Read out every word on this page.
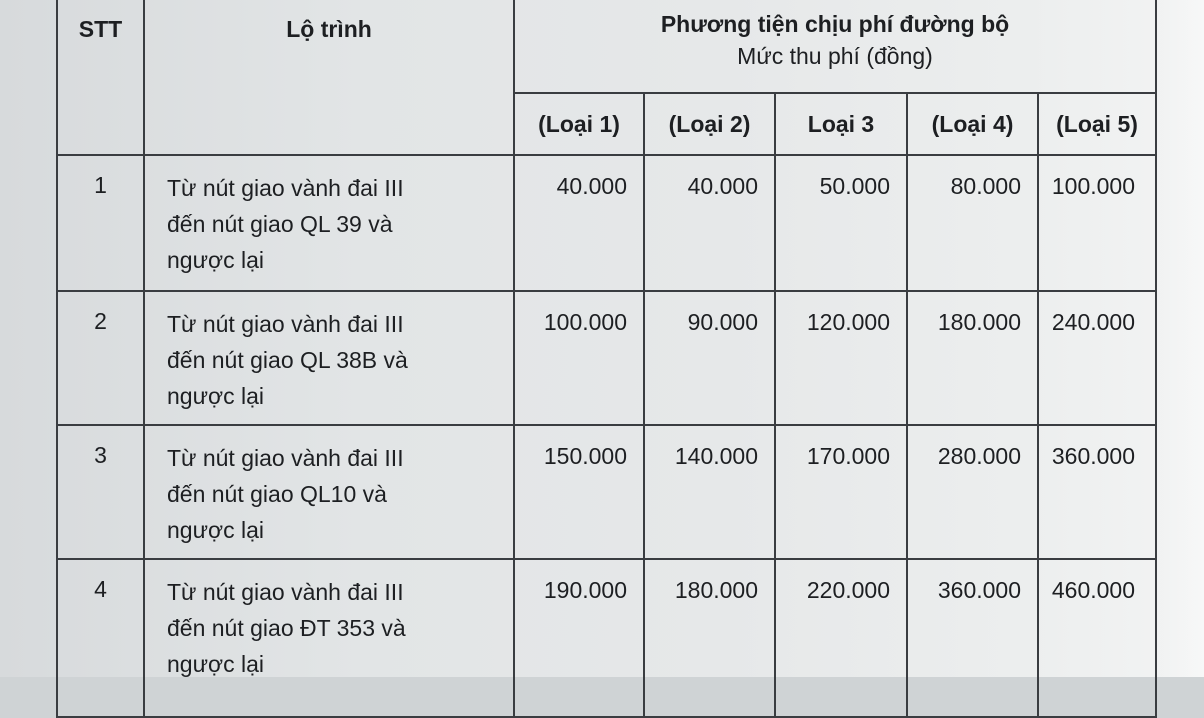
STT	Lộ trình	Phương tiện chịu phí đường bộ
Mức thu phí (đồng)				

		(Loại 1)	(Loại 2)	Loại 3	(Loại 4)	(Loại 5)
1	Từ nút giao vành đai III
đến nút giao QL 39 và
ngược lại	40.000	40.000	50.000	80.000	100.000
2	Từ nút giao vành đai III
đến nút giao QL 38B và
ngược lại	100.000	90.000	120.000	180.000	240.000
3	Từ nút giao vành đai III
đến nút giao QL10 và
ngược lại	150.000	140.000	170.000	280.000	360.000
4	Từ nút giao vành đai III
đến nút giao ĐT 353 và
ngược lại	190.000	180.000	220.000	360.000	460.000
